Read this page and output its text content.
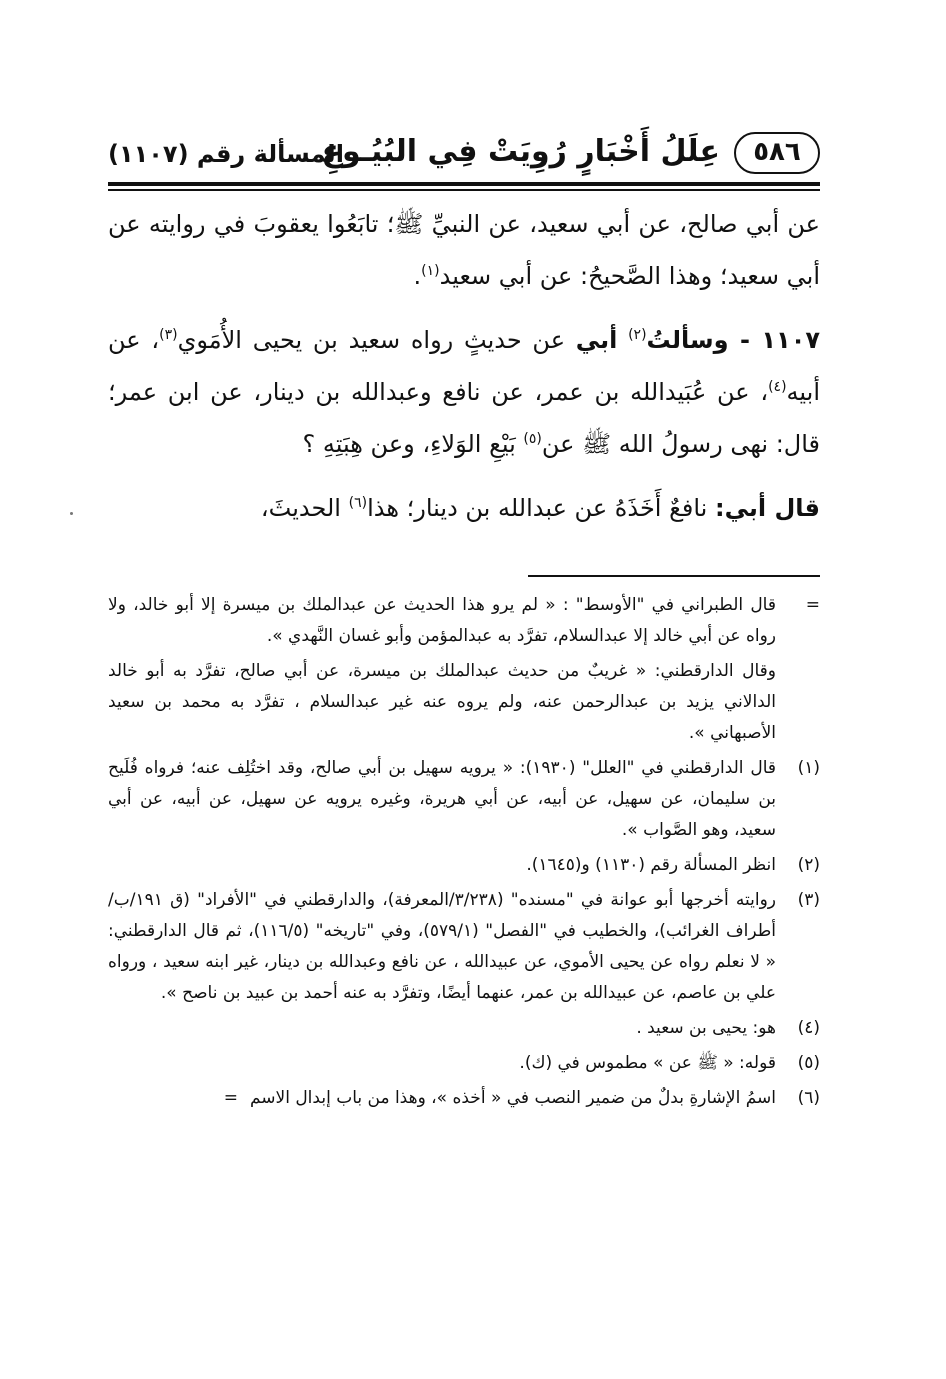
٥٨٦
عِلَلُ أَخْبَارٍ رُوِيَتْ فِي البُيُـوعِ
المسألة رقم (١١٠٧)

عن أبي صالح، عن أبي سعيد، عن النبيِّ ﷺ؛ تابَعُوا يعقوبَ في روايته عن أبي سعيد؛ وهذا الصَّحيحُ: عن أبي سعيد$^{(١)}$.

١١٠٧ - وسألتُ$^{(٢)}$ أبي عن حديثٍ رواه سعيد بن يحيى الأُمَوي$^{(٣)}$، عن أبيه$^{(٤)}$، عن عُبَيدالله بن عمر، عن نافع وعبدالله بن دينار، عن ابن عمر؛ قال: نهى رسولُ الله ﷺ عن$^{(٥)}$ بَيْعِ الوَلاءِ، وعن هِبَتِهِ ؟

قال أبي: نافعٌ أَخَذَهُ عن عبدالله بن دينار؛ هذا$^{(٦)}$ الحديثَ،

=
قال الطبراني في "الأوسط" : « لم يرو هذا الحديث عن عبدالملك بن ميسرة إلا أبو خالد، ولا رواه عن أبي خالد إلا عبدالسلام، تفرَّد به عبدالمؤمن وأبو غسان النَّهدي ».
وقال الدارقطني: « غريبٌ من حديث عبدالملك بن ميسرة، عن أبي صالح، تفرَّد به أبو خالد الدالاني يزيد بن عبدالرحمن عنه، ولم يروه عنه غير عبدالسلام ، تفرَّد به محمد بن سعيد الأصبهاني ».
(١)
قال الدارقطني في "العلل" (١٩٣٠): « يرويه سهيل بن أبي صالح، وقد اختُلِف عنه؛ فرواه فُلَيح بن سليمان، عن سهيل، عن أبيه، عن أبي هريرة، وغيره يرويه عن سهيل، عن أبيه، عن أبي سعيد، وهو الصَّواب ».
(٢)
انظر المسألة رقم (١١٣٠) و(١٦٤٥).
(٣)
روايته أخرجها أبو عوانة في "مسنده" (٣/٢٣٨/المعرفة)، والدارقطني في "الأفراد" (ق ١٩١/ب/أطراف الغرائب)، والخطيب في "الفصل" (٥٧٩/١)، وفي "تاريخه" (١١٦/٥)، ثم قال الدارقطني: « لا نعلم رواه عن يحيى الأموي، عن عبيدالله ، عن نافع وعبدالله بن دينار، غير ابنه سعيد ، ورواه علي بن عاصم، عن عبيدالله بن عمر، عنهما أيضًا، وتفرَّد به عنه أحمد بن عبيد بن ناصح ».
(٤)
هو: يحيى بن سعيد .
(٥)
قوله: « ﷺ عن » مطموس في (ك).
(٦)
اسمُ الإشارةِ بدلٌ من ضمير النصب في « أخذه »، وهذا من باب إبدال الاسم=
